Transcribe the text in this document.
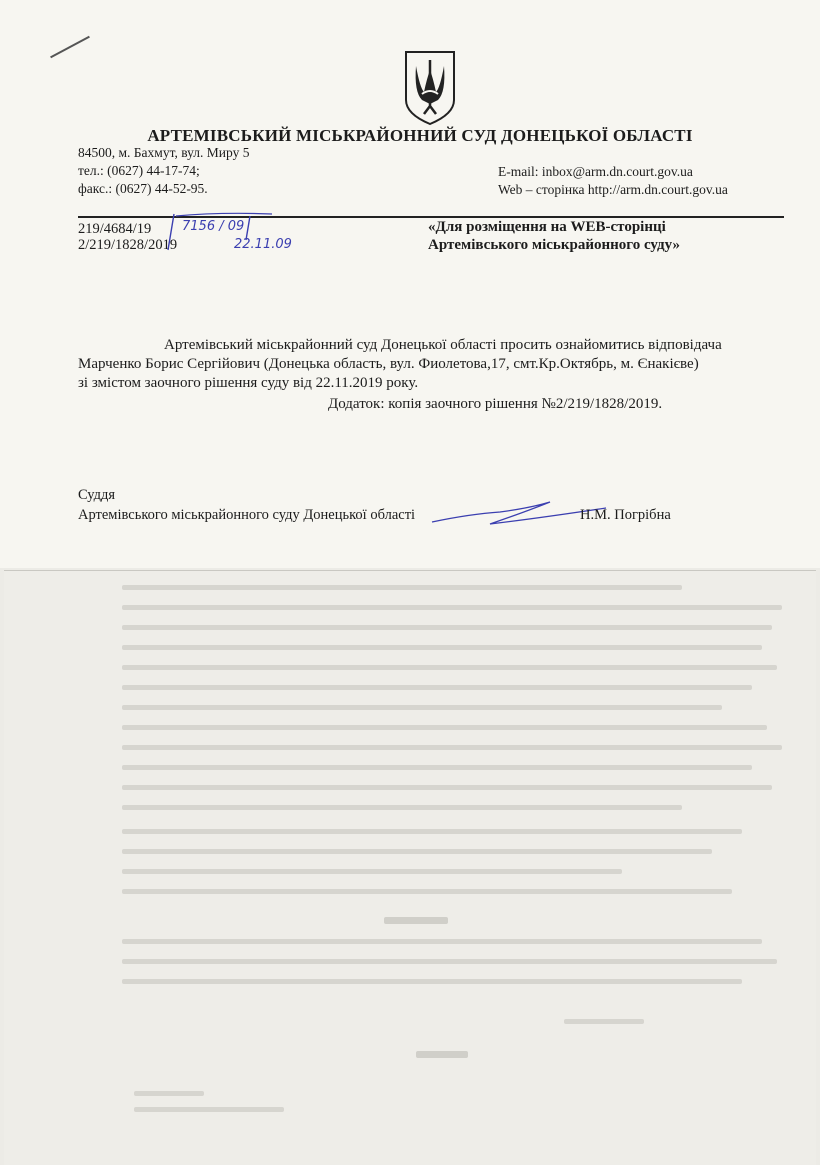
АРТЕМІВСЬКИЙ МІСЬКРАЙОННИЙ СУД ДОНЕЦЬКОЇ ОБЛАСТІ
84500, м. Бахмут, вул. Миру 5
тел.: (0627) 44-17-74;
факс.: (0627) 44-52-95.
E-mail: inbox@arm.dn.court.gov.ua
Web – сторінка http://arm.dn.court.gov.ua
219/4684/19
2/219/1828/2019
7156 / 09
22.11.09
«Для розміщення на WEB-сторінці
Артемівського міськрайонного суду»
Артемівський міськрайонний суд Донецької області просить ознайомитись відповідача
Марченко Борис Сергійович (Донецька область, вул. Фиолетова,17, смт.Кр.Октябрь, м. Єнакієве)
зі змістом заочного рішення суду від 22.11.2019 року.
Додаток: копія заочного рішення №2/219/1828/2019.
Суддя
Артемівського міськрайонного суду Донецької області	Н.М. Погрібна
